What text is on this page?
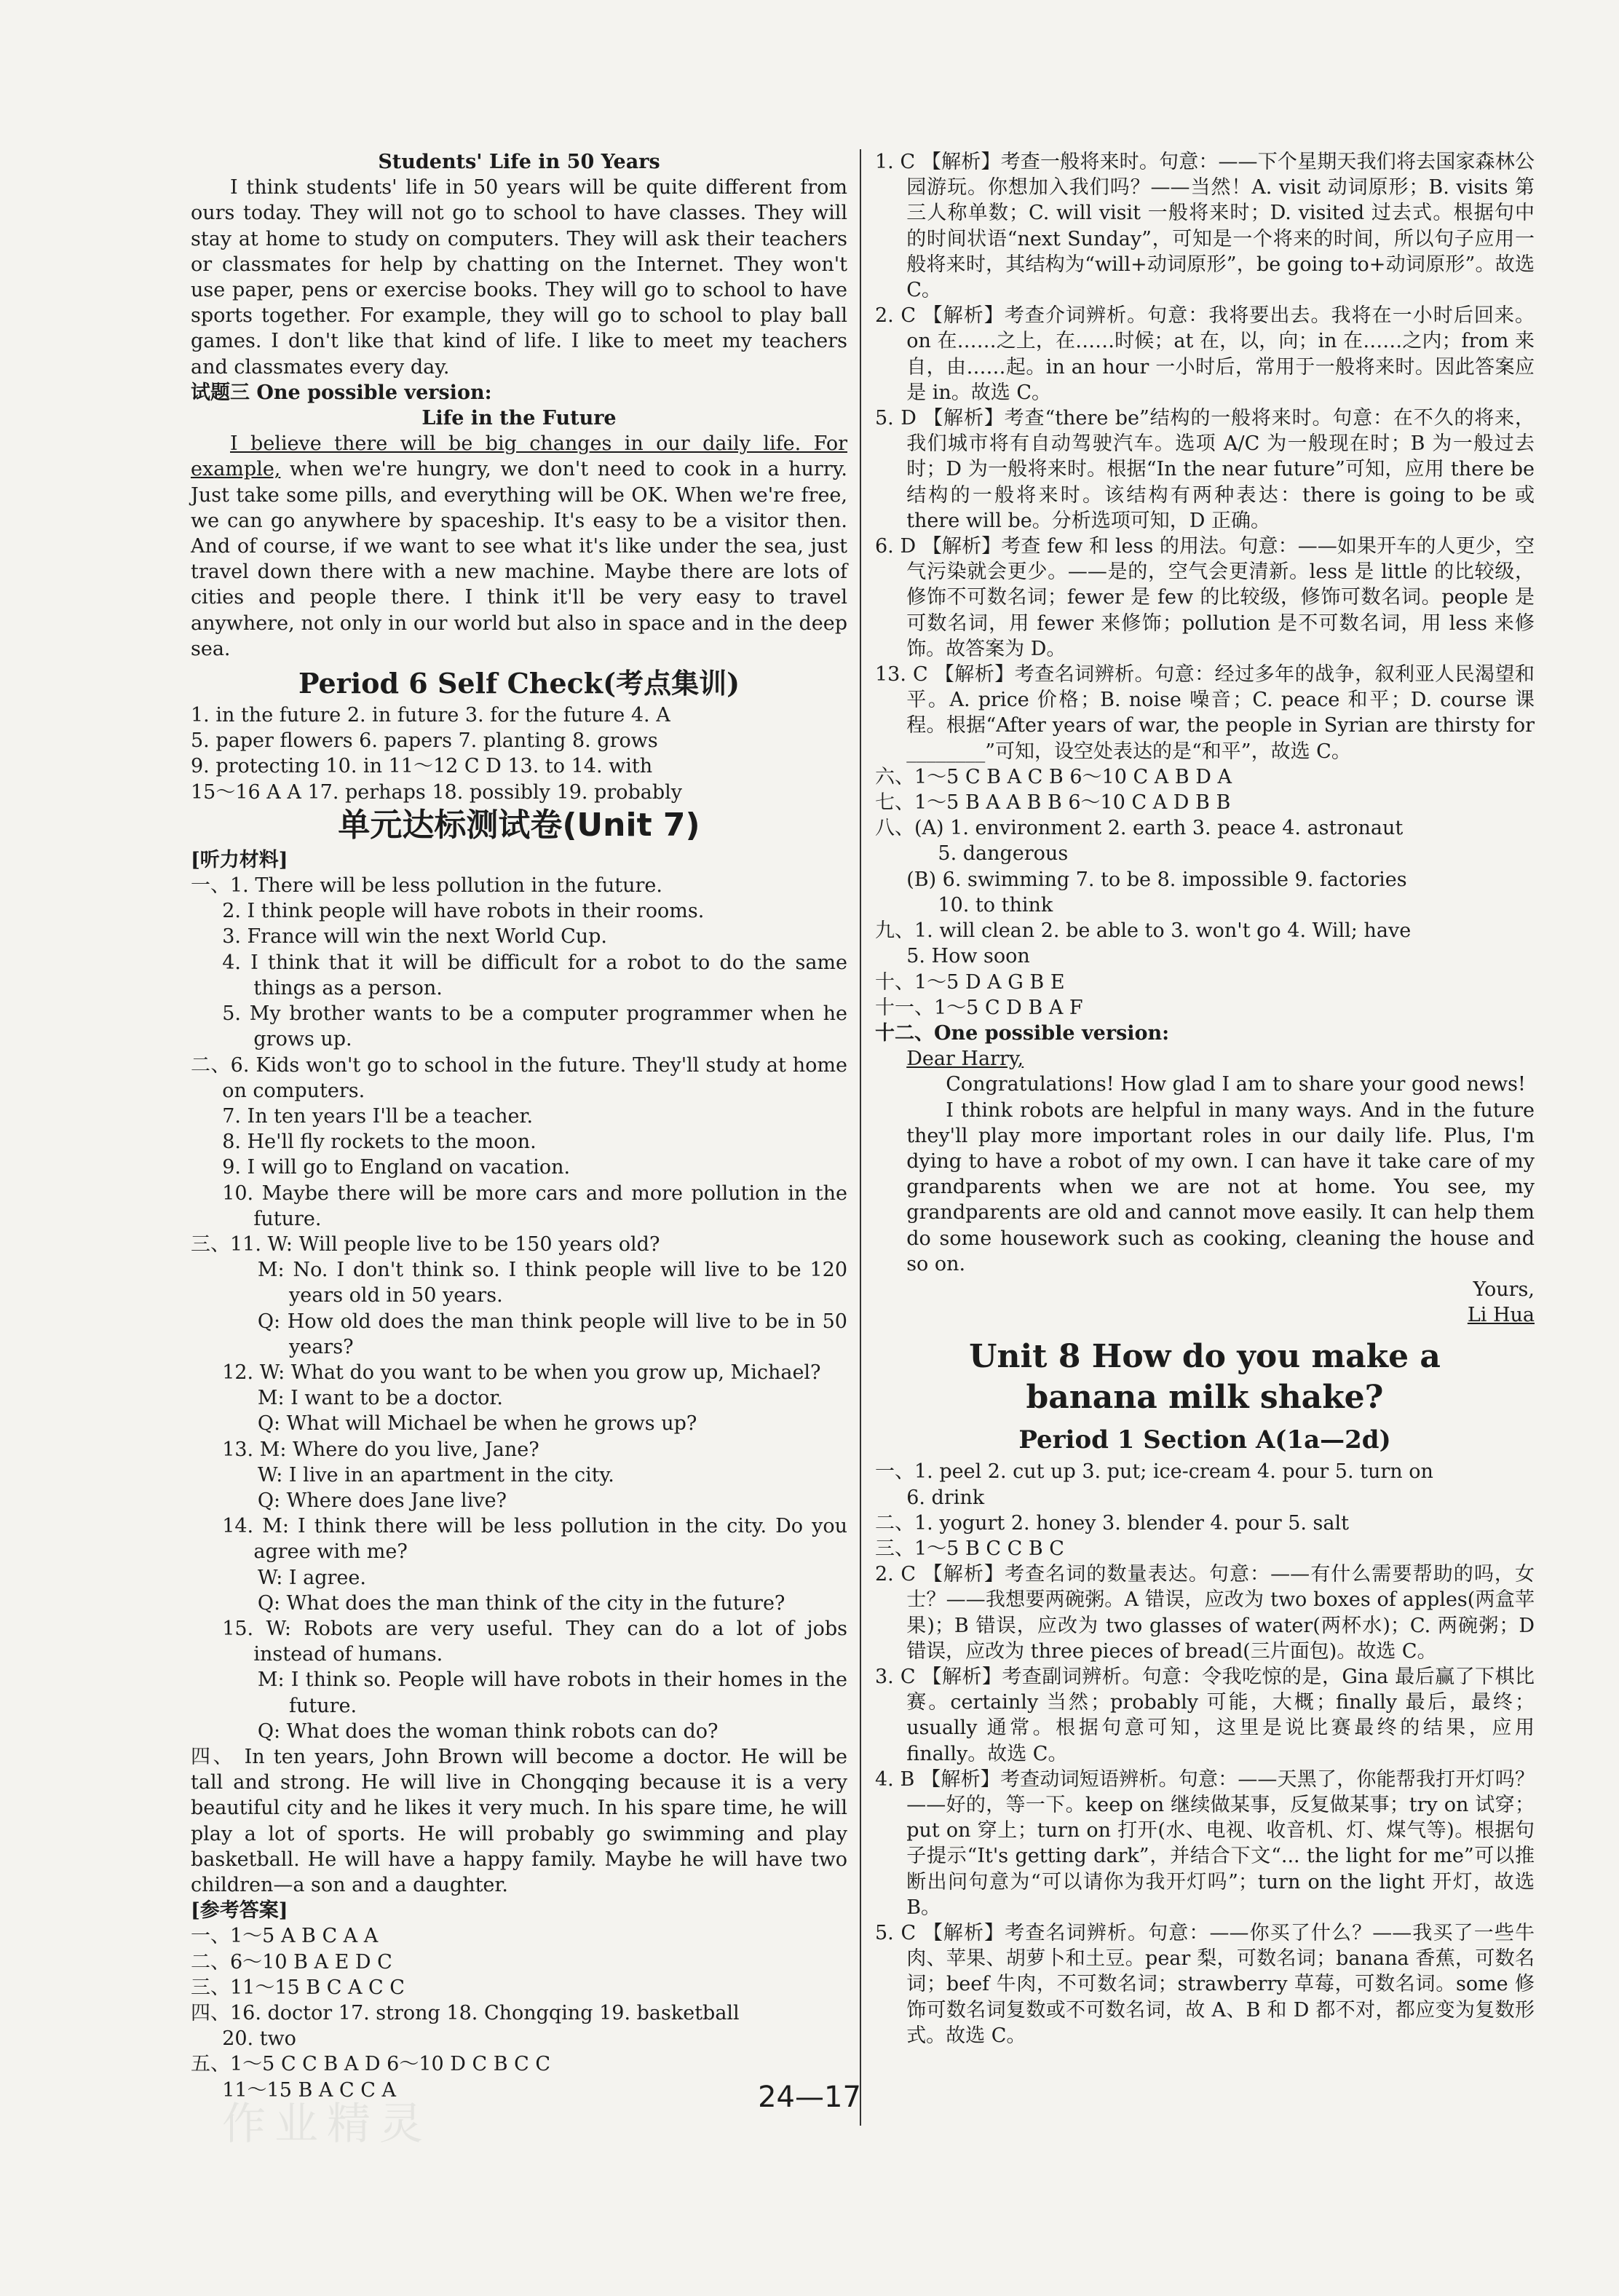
Students' Life in 50 Years

I think students' life in 50 years will be quite different from ours today. They will not go to school to have classes. They will stay at home to study on computers. They will ask their teachers or classmates for help by chatting on the Internet. They won't use paper, pens or exercise books. They will go to school to have sports together. For example, they will go to school to play ball games. I don't like that kind of life. I like to meet my teachers and classmates every day.

试题三 One possible version:

Life in the Future

I believe there will be big changes in our daily life. For example, when we're hungry, we don't need to cook in a hurry. Just take some pills, and everything will be OK. When we're free, we can go anywhere by spaceship. It's easy to be a visitor then. And of course, if we want to see what it's like under the sea, just travel down there with a new machine. Maybe there are lots of cities and people there. I think it'll be very easy to travel anywhere, not only in our world but also in space and in the deep sea.

Period 6 Self Check(考点集训)

1. in the future 2. in future 3. for the future 4. A

5. paper flowers 6. papers 7. planting 8. grows

9. protecting 10. in 11～12 C D 13. to 14. with

15～16 A A 17. perhaps 18. possibly 19. probably

单元达标测试卷(Unit 7)

[听力材料]

一、1. There will be less pollution in the future.

2. I think people will have robots in their rooms.

3. France will win the next World Cup.

4. I think that it will be difficult for a robot to do the same things as a person.

5. My brother wants to be a computer programmer when he grows up.

二、6. Kids won't go to school in the future. They'll study at home on computers.

7. In ten years I'll be a teacher.

8. He'll fly rockets to the moon.

9. I will go to England on vacation.

10. Maybe there will be more cars and more pollution in the future.

三、11. W: Will people live to be 150 years old?

M: No. I don't think so. I think people will live to be 120 years old in 50 years.

Q: How old does the man think people will live to be in 50 years?

12. W: What do you want to be when you grow up, Michael?

M: I want to be a doctor.

Q: What will Michael be when he grows up?

13. M: Where do you live, Jane?

W: I live in an apartment in the city.

Q: Where does Jane live?

14. M: I think there will be less pollution in the city. Do you agree with me?

W: I agree.

Q: What does the man think of the city in the future?

15. W: Robots are very useful. They can do a lot of jobs instead of humans.

M: I think so. People will have robots in their homes in the future.

Q: What does the woman think robots can do?

四、 In ten years, John Brown will become a doctor. He will be tall and strong. He will live in Chongqing because it is a very beautiful city and he likes it very much. In his spare time, he will play a lot of sports. He will probably go swimming and play basketball. He will have a happy family. Maybe he will have two children—a son and a daughter.

[参考答案]

一、1～5 A B C A A

二、6～10 B A E D C

三、11～15 B C A C C

四、16. doctor 17. strong 18. Chongqing 19. basketball

20. two

五、1～5 C C B A D 6～10 D C B C C

11～15 B A C C A

1. C 【解析】考查一般将来时。句意：——下个星期天我们将去国家森林公园游玩。你想加入我们吗？——当然！A. visit 动词原形；B. visits 第三人称单数；C. will visit 一般将来时；D. visited 过去式。根据句中的时间状语“next Sunday”，可知是一个将来的时间，所以句子应用一般将来时，其结构为“will+动词原形”，be going to+动词原形”。故选 C。

2. C 【解析】考查介词辨析。句意：我将要出去。我将在一小时后回来。on 在……之上，在……时候；at 在，以，向；in 在……之内；from 来自，由……起。in an hour 一小时后，常用于一般将来时。因此答案应是 in。故选 C。

5. D 【解析】考查“there be”结构的一般将来时。句意：在不久的将来，我们城市将有自动驾驶汽车。选项 A/C 为一般现在时；B 为一般过去时；D 为一般将来时。根据“In the near future”可知，应用 there be 结构的一般将来时。该结构有两种表达：there is going to be 或 there will be。分析选项可知，D 正确。

6. D 【解析】考查 few 和 less 的用法。句意：——如果开车的人更少，空气污染就会更少。——是的，空气会更清新。less 是 little 的比较级，修饰不可数名词；fewer 是 few 的比较级，修饰可数名词。people 是可数名词，用 fewer 来修饰；pollution 是不可数名词，用 less 来修饰。故答案为 D。

13. C 【解析】考查名词辨析。句意：经过多年的战争，叙利亚人民渴望和平。A. price 价格；B. noise 噪音；C. peace 和平；D. course 课程。根据“After years of war, the people in Syrian are thirsty for ________”可知，设空处表达的是“和平”，故选 C。

六、1～5 C B A C B 6～10 C A B D A

七、1～5 B A A B B 6～10 C A D B B

八、(A) 1. environment 2. earth 3. peace 4. astronaut

5. dangerous

(B) 6. swimming 7. to be 8. impossible 9. factories

10. to think

九、1. will clean 2. be able to 3. won't go 4. Will; have

5. How soon

十、1～5 D A G B E

十一、1～5 C D B A F

十二、One possible version:

Dear Harry,

Congratulations! How glad I am to share your good news!

I think robots are helpful in many ways. And in the future they'll play more important roles in our daily life. Plus, I'm dying to have a robot of my own. I can have it take care of my grandparents when we are not at home. You see, my grandparents are old and cannot move easily. It can help them do some housework such as cooking, cleaning the house and so on.

Yours,

Li Hua

Unit 8 How do you make a
banana milk shake?
Period 1 Section A(1a—2d)

一、1. peel 2. cut up 3. put; ice-cream 4. pour 5. turn on

6. drink

二、1. yogurt 2. honey 3. blender 4. pour 5. salt

三、1～5 B C C B C

2. C 【解析】考查名词的数量表达。句意：——有什么需要帮助的吗，女士？——我想要两碗粥。A 错误，应改为 two boxes of apples(两盒苹果)；B 错误，应改为 two glasses of water(两杯水)；C. 两碗粥；D 错误，应改为 three pieces of bread(三片面包)。故选 C。

3. C 【解析】考查副词辨析。句意：令我吃惊的是，Gina 最后赢了下棋比赛。certainly 当然；probably 可能，大概；finally 最后，最终；usually 通常。根据句意可知，这里是说比赛最终的结果，应用 finally。故选 C。

4. B 【解析】考查动词短语辨析。句意：——天黑了，你能帮我打开灯吗？——好的，等一下。keep on 继续做某事，反复做某事；try on 试穿；put on 穿上；turn on 打开(水、电视、收音机、灯、煤气等)。根据句子提示“It's getting dark”，并结合下文“... the light for me”可以推断出问句意为“可以请你为我开灯吗”；turn on the light 开灯，故选 B。

5. C 【解析】考查名词辨析。句意：——你买了什么？——我买了一些牛肉、苹果、胡萝卜和土豆。pear 梨，可数名词；banana 香蕉，可数名词；beef 牛肉，不可数名词；strawberry 草莓，可数名词。some 修饰可数名词复数或不可数名词，故 A、B 和 D 都不对，都应变为复数形式。故选 C。

作业精灵
24—17
